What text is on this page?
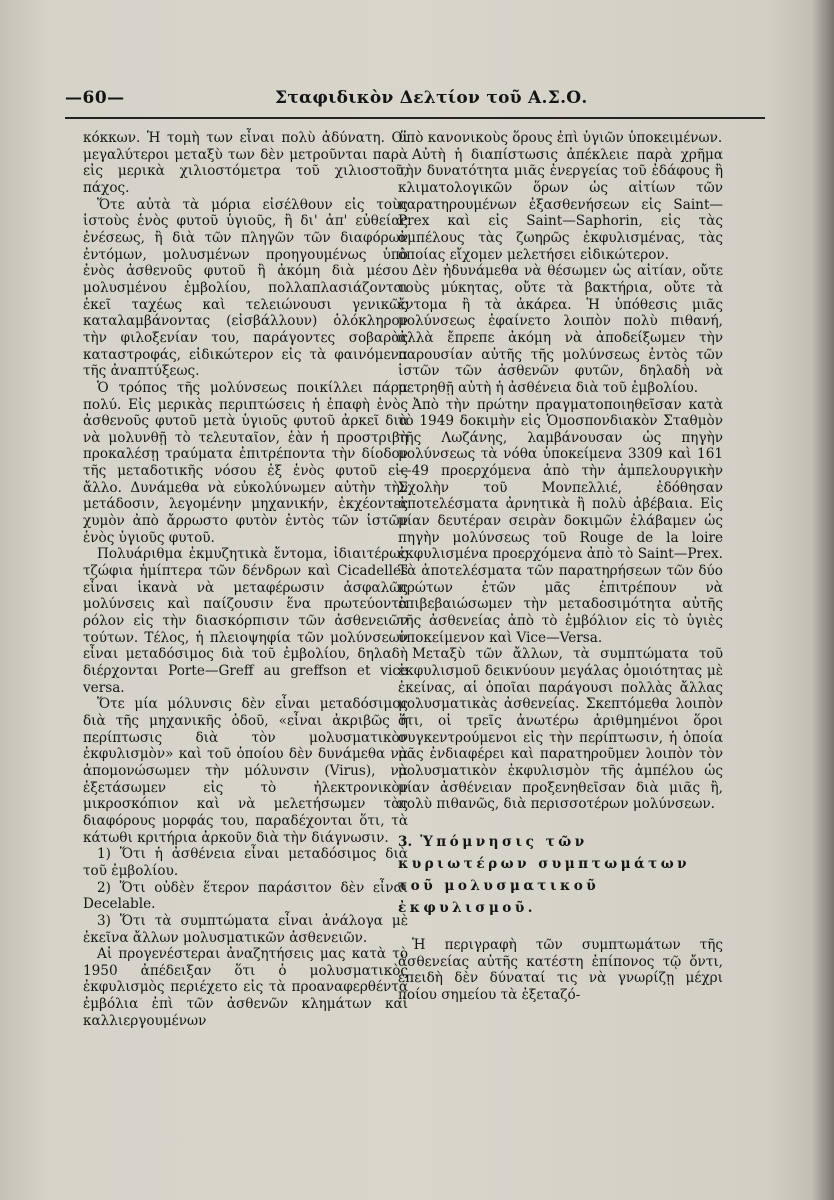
—60—	Σταφιδικὸν Δελτίον τοῦ Α.Σ.Ο.

κόκκων. Ἡ τομὴ των εἶναι πολὺ ἀδύνατη. Οἱ μεγαλύτεροι μεταξὺ των δὲν μετροῦνται παρὰ εἰς μερικὰ χιλιοστόμετρα τοῦ χιλιοστοῦ, πάχος.

Ὅτε αὐτὰ τὰ μόρια εἰσέλθουν εἰς τοὺς ἱστοὺς ἑνὸς φυτοῦ ὑγιοῦς, ἢ δι' ἀπ' εὐθείας ἐνέσεως, ἢ διὰ τῶν πληγῶν τῶν διαφόρων ἐντόμων, μολυσμένων προηγουμένως ὑπὸ ἑνὸς ἀσθενοῦς φυτοῦ ἢ ἀκόμη διὰ μέσου μολυσμένου ἐμβολίου, πολλαπλασιάζονται ἐκεῖ ταχέως καὶ τελειώνουσι γενικῶς καταλαμβάνοντας (εἰσβάλλουν) ὁλόκληρον τὴν φιλοξενίαν του, παράγοντες σοβαρὰς καταστροφάς, εἰδικώτερον εἰς τὰ φαινόμενα τῆς ἀναπτύξεως.

Ὁ τρόπος τῆς μολύνσεως ποικίλλει πάρα πολύ. Εἰς μερικὰς περιπτώσεις ἡ ἐπαφὴ ἑνὸς ἀσθενοῦς φυτοῦ μετὰ ὑγιοῦς φυτοῦ ἀρκεῖ διὰ νὰ μολυνθῇ τὸ τελευταῖον, ἐὰν ἡ προστριβὴ προκαλέσῃ τραύματα ἐπιτρέποντα τὴν δίοδον τῆς μεταδοτικῆς νόσου ἐξ ἑνὸς φυτοῦ εἰς ἄλλο. Δυνάμεθα νὰ εὐκολύνωμεν αὐτὴν τὴν μετάδοσιν, λεγομένην μηχανικήν, ἐκχέοντες χυμὸν ἀπὸ ἄρρωστο φυτὸν ἐντὸς τῶν ἱστῶν ἑνὸς ὑγιοῦς φυτοῦ.

Πολυάριθμα ἐκμυζητικὰ ἔντομα, ἰδιαιτέρως τζώφια ἡμίπτερα τῶν δένδρων καὶ Cicadelles εἶναι ἱκανὰ νὰ μεταφέρωσιν ἀσφαλῶς μολύνσεις καὶ παίζουσιν ἕνα πρωτεύοντα ρόλον εἰς τὴν διασκόρπισιν τῶν ἀσθενειῶν τούτων. Τέλος, ἡ πλειοψηφία τῶν μολύνσεων εἶναι μεταδόσιμος διὰ τοῦ ἐμβολίου, δηλαδὴ διέρχονται Porte—Greff au greffson et vice versa.

Ὅτε μία μόλυνσις δὲν εἶναι μεταδόσιμος διὰ τῆς μηχανικῆς ὁδοῦ, «εἶναι ἀκριβῶς ἡ περίπτωσις διὰ τὸν μολυσματικὸν ἐκφυλισμὸν» καὶ τοῦ ὁποίου δὲν δυνάμεθα νὰ ἀπομονώσωμεν τὴν μόλυνσιν (Virus), νὰ ἐξετάσωμεν εἰς τὸ ἠλεκτρονικὸν μικροσκόπιον καὶ νὰ μελετήσωμεν τὰς διαφόρους μορφάς του, παραδέχονται ὅτι, τὰ κάτωθι κριτήρια ἀρκοῦν διὰ τὴν διάγνωσιν.

1) Ὅτι ἡ ἀσθένεια εἶναι μεταδόσιμος διὰ τοῦ ἐμβολίου.

2) Ὅτι οὐδὲν ἕτερον παράσιτον δὲν εἶναι Decelable.

3) Ὅτι τὰ συμπτώματα εἶναι ἀνάλογα μὲ ἐκεῖνα ἄλλων μολυσματικῶν ἀσθενειῶν.

Αἱ προγενέστεραι ἀναζητήσεις μας κατὰ τὸ 1950 ἀπέδειξαν ὅτι ὁ μολυσματικὸς ἐκφυλισμὸς περιέχετο εἰς τὰ προαναφερθέντα ἐμβόλια ἐπὶ τῶν ἀσθενῶν κλημάτων καὶ καλλιεργουμένων

ὑπὸ κανονικοὺς ὅρους ἐπὶ ὑγιῶν ὑποκειμένων.

Αὐτὴ ἡ διαπίστωσις ἀπέκλειε παρὰ χρῆμα τὴν δυνατότητα μιᾶς ἐνεργείας τοῦ ἐδάφους ἢ κλιματολογικῶν ὅρων ὡς αἰτίων τῶν παρατηρουμένων ἐξασθενήσεων εἰς Saint—Prex καὶ εἰς Saint—Saphorin, εἰς τὰς ἀμπέλους τὰς ζωηρῶς ἐκφυλισμένας, τὰς ὁποίας εἴχομεν μελετήσει εἰδικώτερον.

Δὲν ἠδυνάμεθα νὰ θέσωμεν ὡς αἰτίαν, οὔτε τοὺς μύκητας, οὔτε τὰ βακτήρια, οὔτε τὰ ἔντομα ἢ τὰ ἀκάρεα. Ἡ ὑπόθεσις μιᾶς μολύνσεως ἐφαίνετο λοιπὸν πολὺ πιθανή, ἀλλὰ ἔπρεπε ἀκόμη νὰ ἀποδείξωμεν τὴν παρουσίαν αὐτῆς τῆς μολύνσεως ἐντὸς τῶν ἱστῶν τῶν ἀσθενῶν φυτῶν, δηλαδὴ νὰ μετρηθῇ αὐτὴ ἡ ἀσθένεια διὰ τοῦ ἐμβολίου.

Ἀπὸ τὴν πρώτην πραγματοποιηθεῖσαν κατὰ τὸ 1949 δοκιμὴν εἰς Ὁμοσπονδιακὸν Σταθμὸν τῆς Λωζάνης, λαμβάνουσαν ὡς πηγὴν μολύνσεως τὰ νόθα ὑποκείμενα 3309 καὶ 161—49 προερχόμενα ἀπὸ τὴν ἀμπελουργικὴν Σχολὴν τοῦ Μονπελλιέ, ἐδόθησαν ἀποτελέσματα ἀρνητικὰ ἢ πολὺ ἀβέβαια. Εἰς μίαν δευτέραν σειρὰν δοκιμῶν ἐλάβαμεν ὡς πηγὴν μολύνσεως τοῦ Rouge de la loire ἐκφυλισμένα προερχόμενα ἀπὸ τὸ Saint—Prex. Τὰ ἀποτελέσματα τῶν παρατηρήσεων τῶν δύο πρώτων ἐτῶν μᾶς ἐπιτρέπουν νὰ ἐπιβεβαιώσωμεν τὴν μεταδοσιμότητα αὐτῆς τῆς ἀσθενείας ἀπὸ τὸ ἐμβόλιον εἰς τὸ ὑγιὲς ὑποκείμενον καὶ Vice—Versa.

Μεταξὺ τῶν ἄλλων, τὰ συμπτώματα τοῦ ἐκφυλισμοῦ δεικνύουν μεγάλας ὁμοιότητας μὲ ἐκείνας, αἱ ὁποῖαι παράγουσι πολλὰς ἄλλας μολυσματικὰς ἀσθενείας. Σκεπτόμεθα λοιπὸν ὅτι, οἱ τρεῖς ἀνωτέρω ἀριθμημένοι ὅροι συγκεντρούμενοι εἰς τὴν περίπτωσιν, ἡ ὁποία μᾶς ἐνδιαφέρει καὶ παρατηροῦμεν λοιπὸν τὸν μολυσματικὸν ἐκφυλισμὸν τῆς ἀμπέλου ὡς μίαν ἀσθένειαν προξενηθεῖσαν διὰ μιᾶς ἢ, πολὺ πιθανῶς, διὰ περισσοτέρων μολύνσεων.

3. Ὑπόμνησις τῶν κυριωτέρων συμπτωμάτων τοῦ μολυσματικοῦ ἐκφυλισμοῦ.

Ἡ περιγραφὴ τῶν συμπτωμάτων τῆς ἀσθενείας αὐτῆς κατέστη ἐπίπονος τῷ ὄντι, ἐπειδὴ δὲν δύναταί τις νὰ γνωρίζῃ μέχρι ποίου σημείου τὰ ἐξεταζό-
